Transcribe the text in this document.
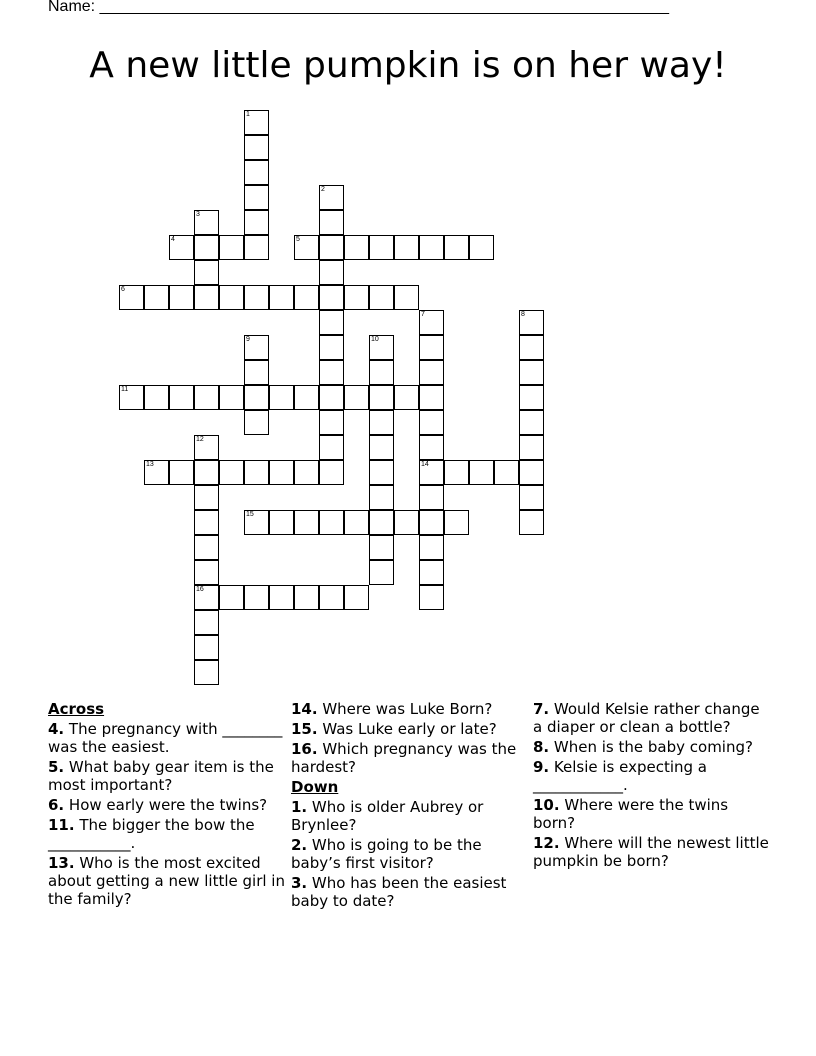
Name: ________________________________________________________________
A new little pumpkin is on her way!
1
2
3
4	5
6
7
14
8
9	10
11
12
16
13
15
Across
4. The pregnancy with ________ was the easiest.
5. What baby gear item is the most important?
6. How early were the twins?
11. The bigger the bow the ___________.
13. Who is the most excited about getting a new little girl in the family?
14. Where was Luke Born?
15. Was Luke early or late?
16. Which pregnancy was the hardest?
Down
1. Who is older Aubrey or Brynlee?
2. Who is going to be the baby’s first visitor?
3. Who has been the easiest baby to date?
7. Would Kelsie rather change a diaper or clean a bottle?
8. When is the baby coming?
9. Kelsie is expecting a ____________.
10. Where were the twins born?
12. Where will the newest little pumpkin be born?
